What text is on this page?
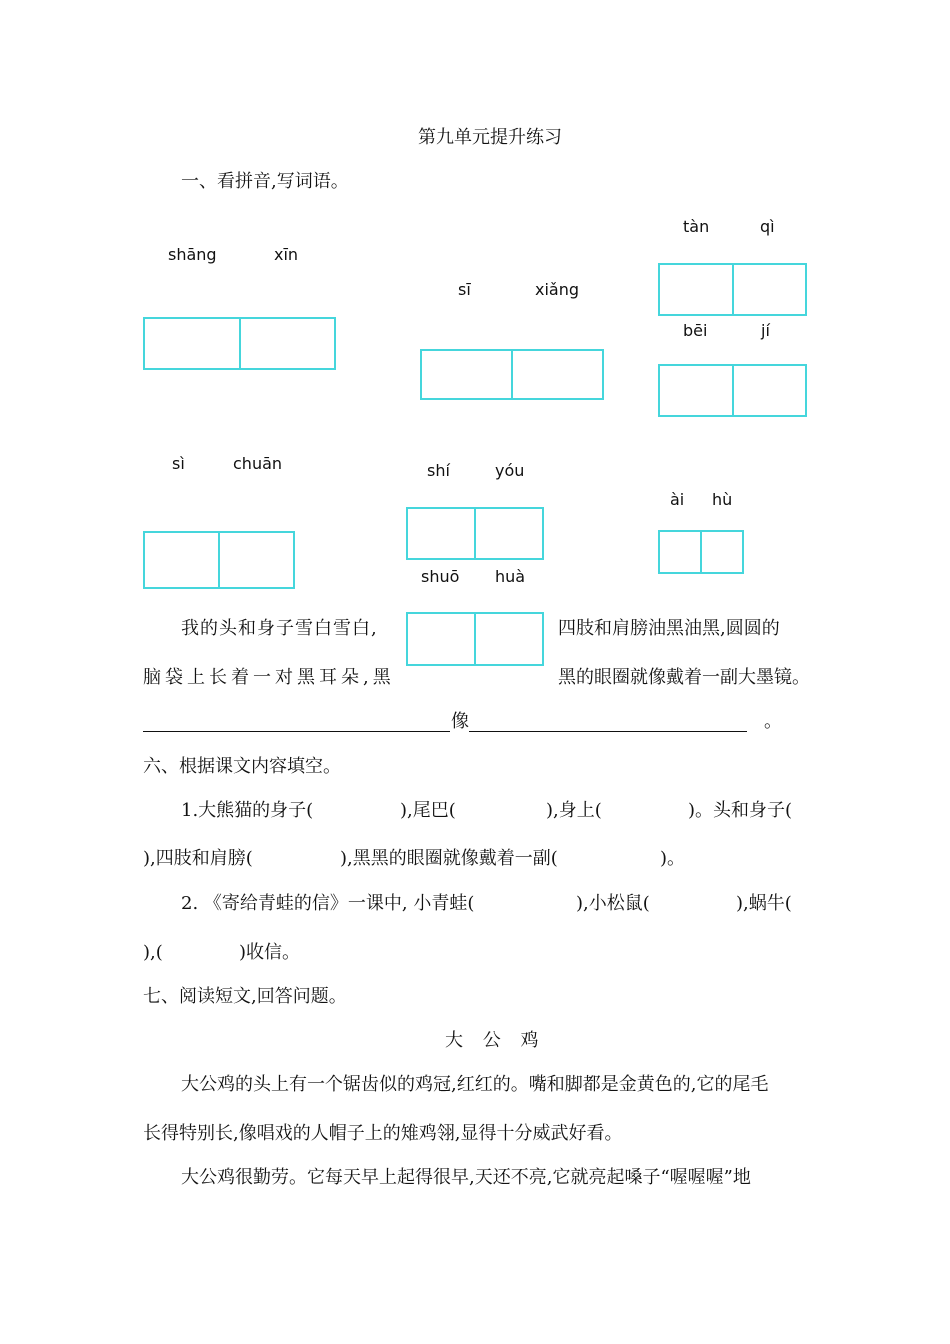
第九单元提升练习
一、看拼音,写词语。
shāng	xīn
sī	xiǎng
tàn	qì
bēi	jí
sì	chuān	shí	yóu
shuō huà
ài hù
我的头和身子雪白雪白,	四肢和肩膀油黑油黑,圆圆的
脑袋上长着一对黑耳朵,黑	黑的眼圈就像戴着一副大墨镜。
像	。
六、根据课文内容填空。
1.大熊猫的身子(	),尾巴(	),身上(	)。头和身子(
),四肢和肩膀(	),黑黑的眼圈就像戴着一副(	)。
2. 《寄给青蛙的信》一课中, 小青蛙(	),小松鼠(	),蜗牛(
),(	)收信。
七、阅读短文,回答问题。
大 公 鸡
大公鸡的头上有一个锯齿似的鸡冠,红红的。嘴和脚都是金黄色的,它的尾毛
长得特别长,像唱戏的人帽子上的雉鸡翎,显得十分威武好看。
大公鸡很勤劳。它每天早上起得很早,天还不亮,它就亮起嗓子“喔喔喔”地
